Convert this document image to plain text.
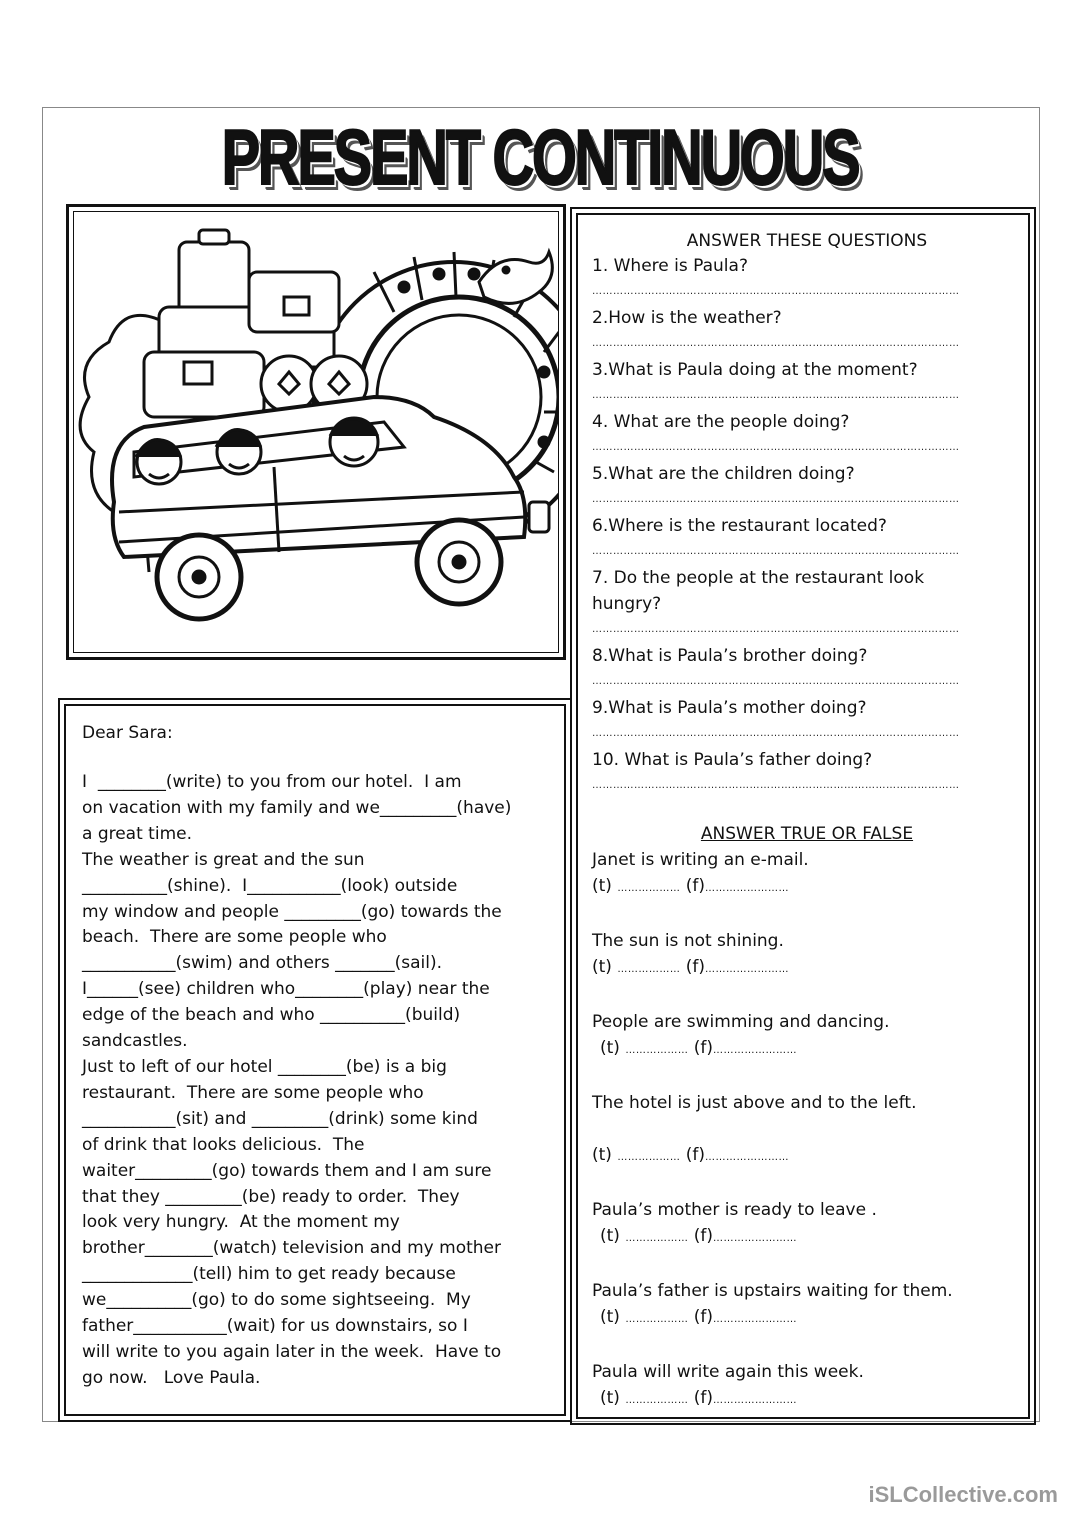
PRESENT CONTINUOUS
Dear Sara:
I  ________(write) to you from our hotel.  I am
on vacation with my family and we_________(have)
a great time.
The weather is great and the sun
__________(shine).  I___________(look) outside
my window and people _________(go) towards the
beach.  There are some people who
___________(swim) and others _______(sail).
I______(see) children who________(play) near the
edge of the beach and who __________(build)
sandcastles.
Just to left of our hotel ________(be) is a big
restaurant.  There are some people who
___________(sit) and _________(drink) some kind
of drink that looks delicious.  The
waiter_________(go) towards them and I am sure
that they _________(be) ready to order.  They
look very hungry.  At the moment my
brother________(watch) television and my mother
_____________(tell) him to get ready because
we__________(go) to do some sightseeing.  My
father___________(wait) for us downstairs, so I
will write to you again later in the week.  Have to
go now.   Love Paula.
ANSWER THESE QUESTIONS
1. Where is Paula?
……………………………………………………………………………………………
2.How is the weather?
……………………………………………………………………………………………
3.What is Paula doing at the moment?
……………………………………………………………………………………………
4. What are the people doing?
……………………………………………………………………………………………
5.What are the children doing?
……………………………………………………………………………………………
6.Where is the restaurant located?
……………………………………………………………………………………………
7. Do the people at the restaurant look
hungry?
……………………………………………………………………………………………
8.What is Paula’s brother doing?
……………………………………………………………………………………………
9.What is Paula’s mother doing?
……………………………………………………………………………………………
10. What is Paula’s father doing?
……………………………………………………………………………………………
ANSWER TRUE OR FALSE
Janet is writing an e-mail.
(t) ……………… (f)……………………
The sun is not shining.
(t) ……………… (f)……………………
People are swimming and dancing.
(t) ……………… (f)……………………
The hotel is just above and to the left.
(t) ……………… (f)……………………
Paula’s mother is ready to leave .
(t) ……………… (f)……………………
Paula’s father is upstairs waiting for them.
(t) ……………… (f)……………………
Paula will write again this week.
(t) ……………… (f)……………………
iSLCollective.com
